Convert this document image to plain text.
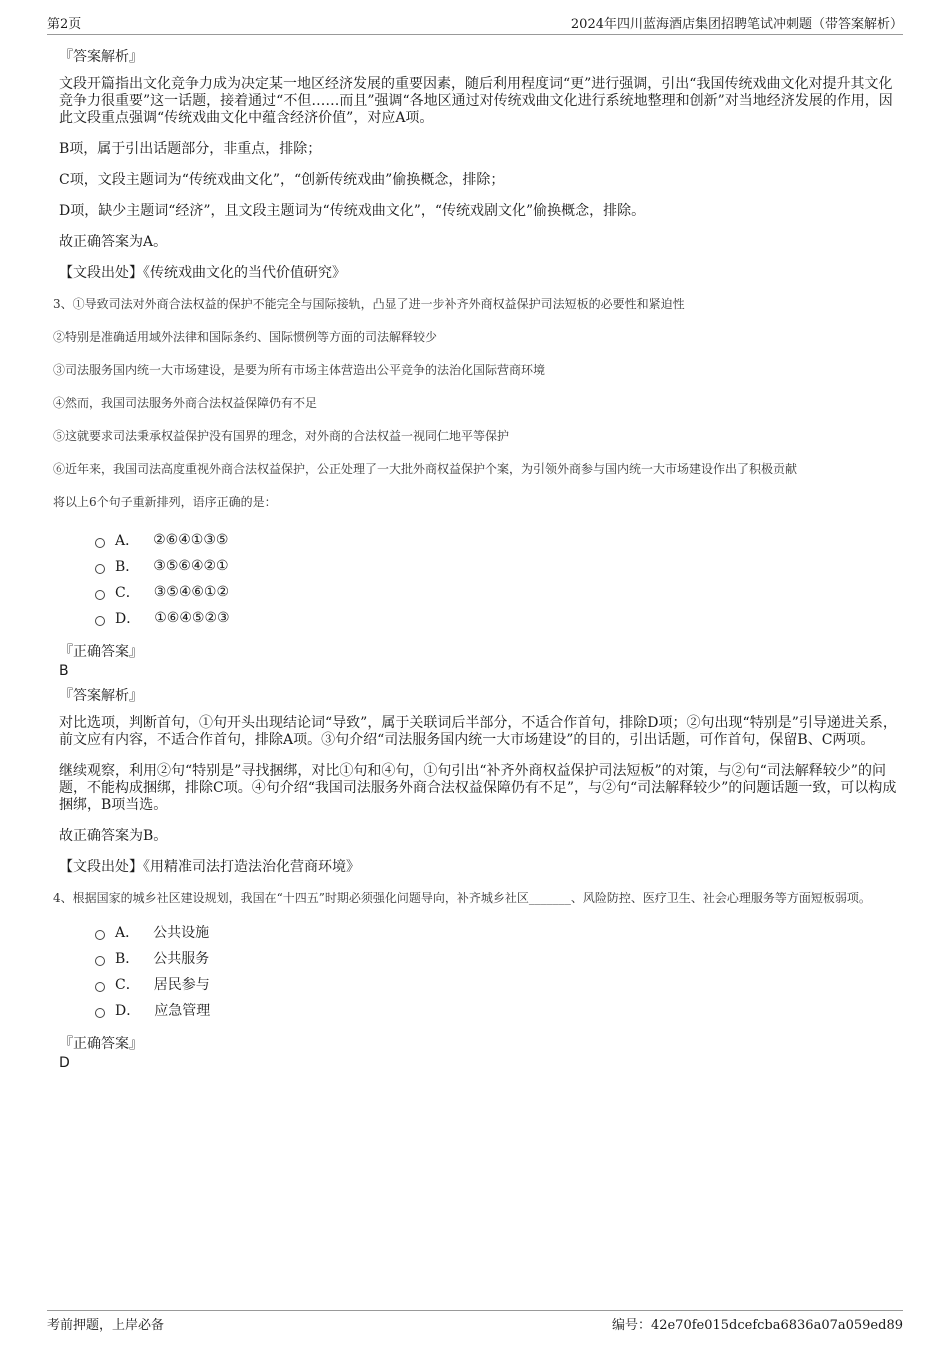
第2页	2024年四川蓝海酒店集团招聘笔试冲刺题（带答案解析）
『答案解析』

文段开篇指出文化竞争力成为决定某一地区经济发展的重要因素，随后利用程度词“更”进行强调，引出“我国传统戏曲文化对提升其文化竞争力很重要”这一话题，接着通过“不但……而且”强调“各地区通过对传统戏曲文化进行系统地整理和创新”对当地经济发展的作用，因此文段重点强调“传统戏曲文化中蕴含经济价值”，对应A项。

B项，属于引出话题部分，非重点，排除；

C项，文段主题词为“传统戏曲文化”，“创新传统戏曲”偷换概念，排除；

D项，缺少主题词“经济”，且文段主题词为“传统戏曲文化”，“传统戏剧文化”偷换概念，排除。

故正确答案为A。

【文段出处】《传统戏曲文化的当代价值研究》

3、①导致司法对外商合法权益的保护不能完全与国际接轨，凸显了进一步补齐外商权益保护司法短板的必要性和紧迫性
②特别是准确适用域外法律和国际条约、国际惯例等方面的司法解释较少
③司法服务国内统一大市场建设，是要为所有市场主体营造出公平竞争的法治化国际营商环境
④然而，我国司法服务外商合法权益保障仍有不足
⑤这就要求司法秉承权益保护没有国界的理念，对外商的合法权益一视同仁地平等保护
⑥近年来，我国司法高度重视外商合法权益保护，公正处理了一大批外商权益保护个案，为引领外商参与国内统一大市场建设作出了积极贡献
将以上6个句子重新排列，语序正确的是：
A． ②⑥④①③⑤
B． ③⑤⑥④②①
C． ③⑤④⑥①②
D． ①⑥④⑤②③
『正确答案』
B
『答案解析』

对比选项，判断首句，①句开头出现结论词“导致”，属于关联词后半部分，不适合作首句，排除D项；②句出现“特别是”引导递进关系，前文应有内容，不适合作首句，排除A项。③句介绍“司法服务国内统一大市场建设”的目的，引出话题，可作首句，保留B、C两项。

继续观察，利用②句“特别是”寻找捆绑，对比①句和④句，①句引出“补齐外商权益保护司法短板”的对策，与②句“司法解释较少”的问题，不能构成捆绑，排除C项。④句介绍“我国司法服务外商合法权益保障仍有不足”，与②句“司法解释较少”的问题话题一致，可以构成捆绑，B项当选。

故正确答案为B。

【文段出处】《用精准司法打造法治化营商环境》

4、根据国家的城乡社区建设规划，我国在“十四五”时期必须强化问题导向，补齐城乡社区_______、风险防控、医疗卫生、社会心理服务等方面短板弱项。
A． 公共设施
B． 公共服务
C． 居民参与
D． 应急管理
『正确答案』
D
考前押题，上岸必备	编号：42e70fe015dcefcba6836a07a059ed89
